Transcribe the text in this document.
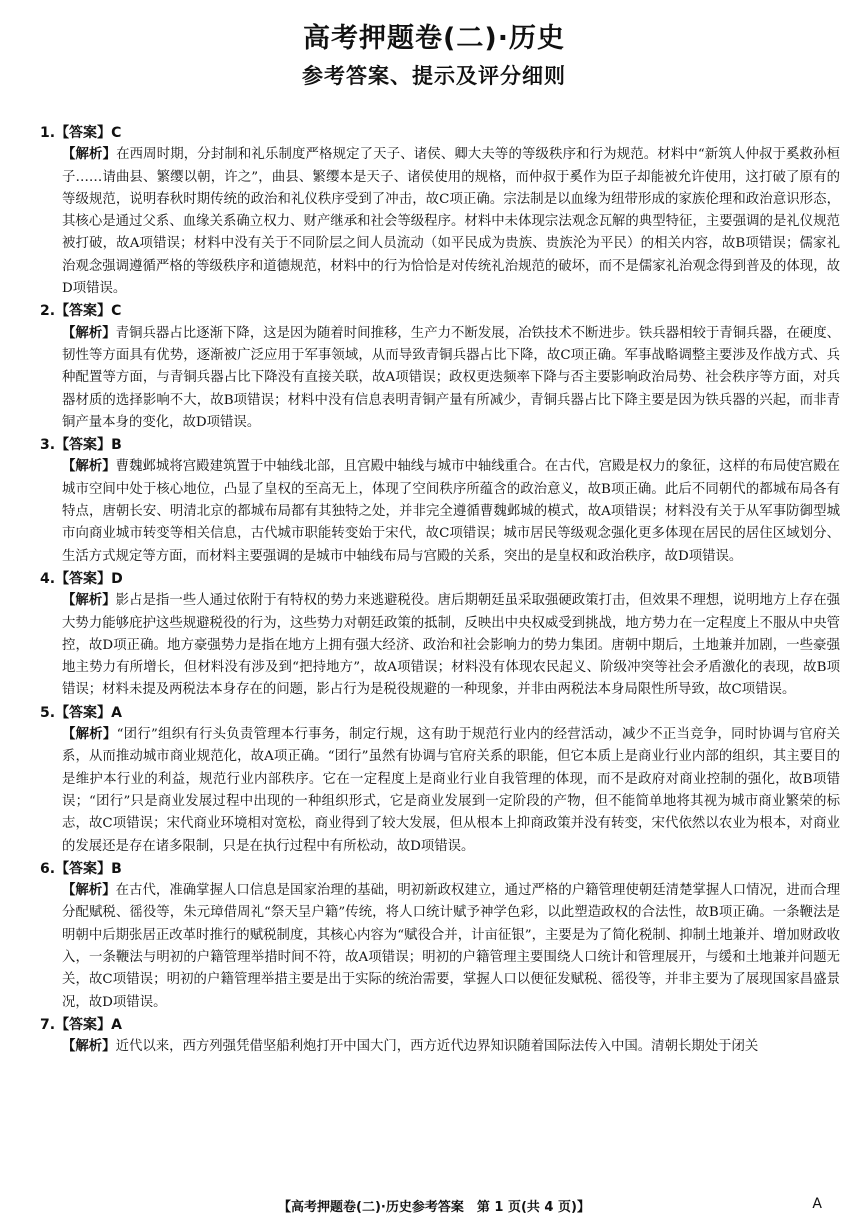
高考押题卷(二)·历史
参考答案、提示及评分细则
1.【答案】C

【解析】在西周时期，分封制和礼乐制度严格规定了天子、诸侯、卿大夫等的等级秩序和行为规范。材料中“新筑人仲叔于奚救孙桓子……请曲县、繁缨以朝，许之”，曲县、繁缨本是天子、诸侯使用的规格，而仲叔于奚作为臣子却能被允许使用，这打破了原有的等级规范，说明春秋时期传统的政治和礼仪秩序受到了冲击，故C项正确。宗法制是以血缘为纽带形成的家族伦理和政治意识形态，其核心是通过父系、血缘关系确立权力、财产继承和社会等级程序。材料中未体现宗法观念瓦解的典型特征，主要强调的是礼仪规范被打破，故A项错误；材料中没有关于不同阶层之间人员流动（如平民成为贵族、贵族沦为平民）的相关内容，故B项错误；儒家礼治观念强调遵循严格的等级秩序和道德规范，材料中的行为恰恰是对传统礼治规范的破坏，而不是儒家礼治观念得到普及的体现，故D项错误。

2.【答案】C

【解析】青铜兵器占比逐渐下降，这是因为随着时间推移，生产力不断发展，冶铁技术不断进步。铁兵器相较于青铜兵器，在硬度、韧性等方面具有优势，逐渐被广泛应用于军事领域，从而导致青铜兵器占比下降，故C项正确。军事战略调整主要涉及作战方式、兵种配置等方面，与青铜兵器占比下降没有直接关联，故A项错误；政权更迭频率下降与否主要影响政治局势、社会秩序等方面，对兵器材质的选择影响不大，故B项错误；材料中没有信息表明青铜产量有所减少，青铜兵器占比下降主要是因为铁兵器的兴起，而非青铜产量本身的变化，故D项错误。

3.【答案】B

【解析】曹魏邺城将宫殿建筑置于中轴线北部，且宫殿中轴线与城市中轴线重合。在古代，宫殿是权力的象征，这样的布局使宫殿在城市空间中处于核心地位，凸显了皇权的至高无上，体现了空间秩序所蕴含的政治意义，故B项正确。此后不同朝代的都城布局各有特点，唐朝长安、明清北京的都城布局都有其独特之处，并非完全遵循曹魏邺城的模式，故A项错误；材料没有关于从军事防御型城市向商业城市转变等相关信息，古代城市职能转变始于宋代，故C项错误；城市居民等级观念强化更多体现在居民的居住区域划分、生活方式规定等方面，而材料主要强调的是城市中轴线布局与宫殿的关系，突出的是皇权和政治秩序，故D项错误。

4.【答案】D

【解析】影占是指一些人通过依附于有特权的势力来逃避税役。唐后期朝廷虽采取强硬政策打击，但效果不理想，说明地方上存在强大势力能够庇护这些规避税役的行为，这些势力对朝廷政策的抵制，反映出中央权威受到挑战，地方势力在一定程度上不服从中央管控，故D项正确。地方豪强势力是指在地方上拥有强大经济、政治和社会影响力的势力集团。唐朝中期后，土地兼并加剧，一些豪强地主势力有所增长，但材料没有涉及到“把持地方”，故A项错误；材料没有体现农民起义、阶级冲突等社会矛盾激化的表现，故B项错误；材料未提及两税法本身存在的问题，影占行为是税役规避的一种现象，并非由两税法本身局限性所导致，故C项错误。

5.【答案】A

【解析】“团行”组织有行头负责管理本行事务，制定行规，这有助于规范行业内的经营活动，减少不正当竞争，同时协调与官府关系，从而推动城市商业规范化，故A项正确。“团行”虽然有协调与官府关系的职能，但它本质上是商业行业内部的组织，其主要目的是维护本行业的利益，规范行业内部秩序。它在一定程度上是商业行业自我管理的体现，而不是政府对商业控制的强化，故B项错误；“团行”只是商业发展过程中出现的一种组织形式，它是商业发展到一定阶段的产物，但不能简单地将其视为城市商业繁荣的标志，故C项错误；宋代商业环境相对宽松，商业得到了较大发展，但从根本上抑商政策并没有转变，宋代依然以农业为根本，对商业的发展还是存在诸多限制，只是在执行过程中有所松动，故D项错误。

6.【答案】B

【解析】在古代，准确掌握人口信息是国家治理的基础，明初新政权建立，通过严格的户籍管理使朝廷清楚掌握人口情况，进而合理分配赋税、徭役等，朱元璋借周礼“祭天呈户籍”传统，将人口统计赋予神学色彩，以此塑造政权的合法性，故B项正确。一条鞭法是明朝中后期张居正改革时推行的赋税制度，其核心内容为“赋役合并，计亩征银”，主要是为了简化税制、抑制土地兼并、增加财政收入，一条鞭法与明初的户籍管理举措时间不符，故A项错误；明初的户籍管理主要围绕人口统计和管理展开，与缓和土地兼并问题无关，故C项错误；明初的户籍管理举措主要是出于实际的统治需要，掌握人口以便征发赋税、徭役等，并非主要为了展现国家昌盛景况，故D项错误。

7.【答案】A

【解析】近代以来，西方列强凭借坚船利炮打开中国大门，西方近代边界知识随着国际法传入中国。清朝长期处于闭关

【高考押题卷(二)·历史参考答案　第 1 页(共 4 页)】	A
